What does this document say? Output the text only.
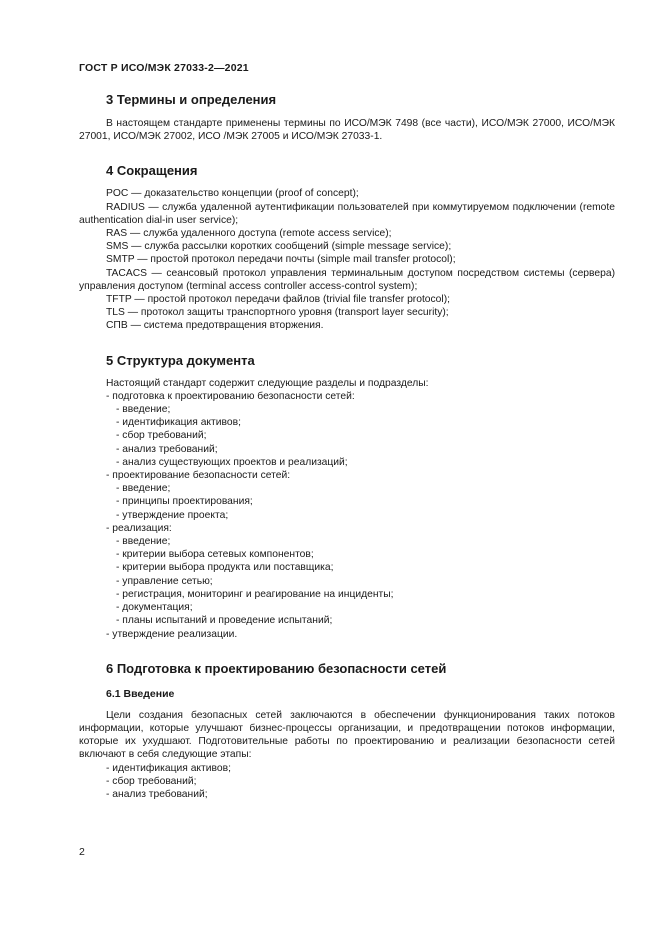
ГОСТ Р ИСО/МЭК 27033-2—2021
3 Термины и определения

В настоящем стандарте применены термины по ИСО/МЭК 7498 (все части), ИСО/МЭК 27000, ИСО/МЭК 27001, ИСО/МЭК 27002, ИСО /МЭК 27005 и ИСО/МЭК 27033-1.

4 Сокращения

POC — доказательство концепции (proof of concept);

RADIUS — служба удаленной аутентификации пользователей при коммутируемом подключении (remote authentication dial-in user service);

RAS — служба удаленного доступа (remote access service);

SMS — служба рассылки коротких сообщений (simple message service);

SMTP — простой протокол передачи почты (simple mail transfer protocol);

TACACS — сеансовый протокол управления терминальным доступом посредством системы (сервера) управления доступом (terminal access controller access-control system);

TFTP — простой протокол передачи файлов (trivial file transfer protocol);

TLS — протокол защиты транспортного уровня (transport layer security);

СПВ — система предотвращения вторжения.

5 Структура документа

Настоящий стандарт содержит следующие разделы и подразделы:

- подготовка к проектированию безопасности сетей:

- введение;

- идентификация активов;

- сбор требований;

- анализ требований;

- анализ существующих проектов и реализаций;

- проектирование безопасности сетей:

- введение;

- принципы проектирования;

- утверждение проекта;

- реализация:

- введение;

- критерии выбора сетевых компонентов;

- критерии выбора продукта или поставщика;

- управление сетью;

- регистрация, мониторинг и реагирование на инциденты;

- документация;

- планы испытаний и проведение испытаний;

- утверждение реализации.

6 Подготовка к проектированию безопасности сетей
6.1 Введение

Цели создания безопасных сетей заключаются в обеспечении функционирования таких потоков информации, которые улучшают бизнес-процессы организации, и предотвращении потоков информации, которые их ухудшают. Подготовительные работы по проектированию и реализации безопасности сетей включают в себя следующие этапы:

- идентификация активов;

- сбор требований;

- анализ требований;

2
